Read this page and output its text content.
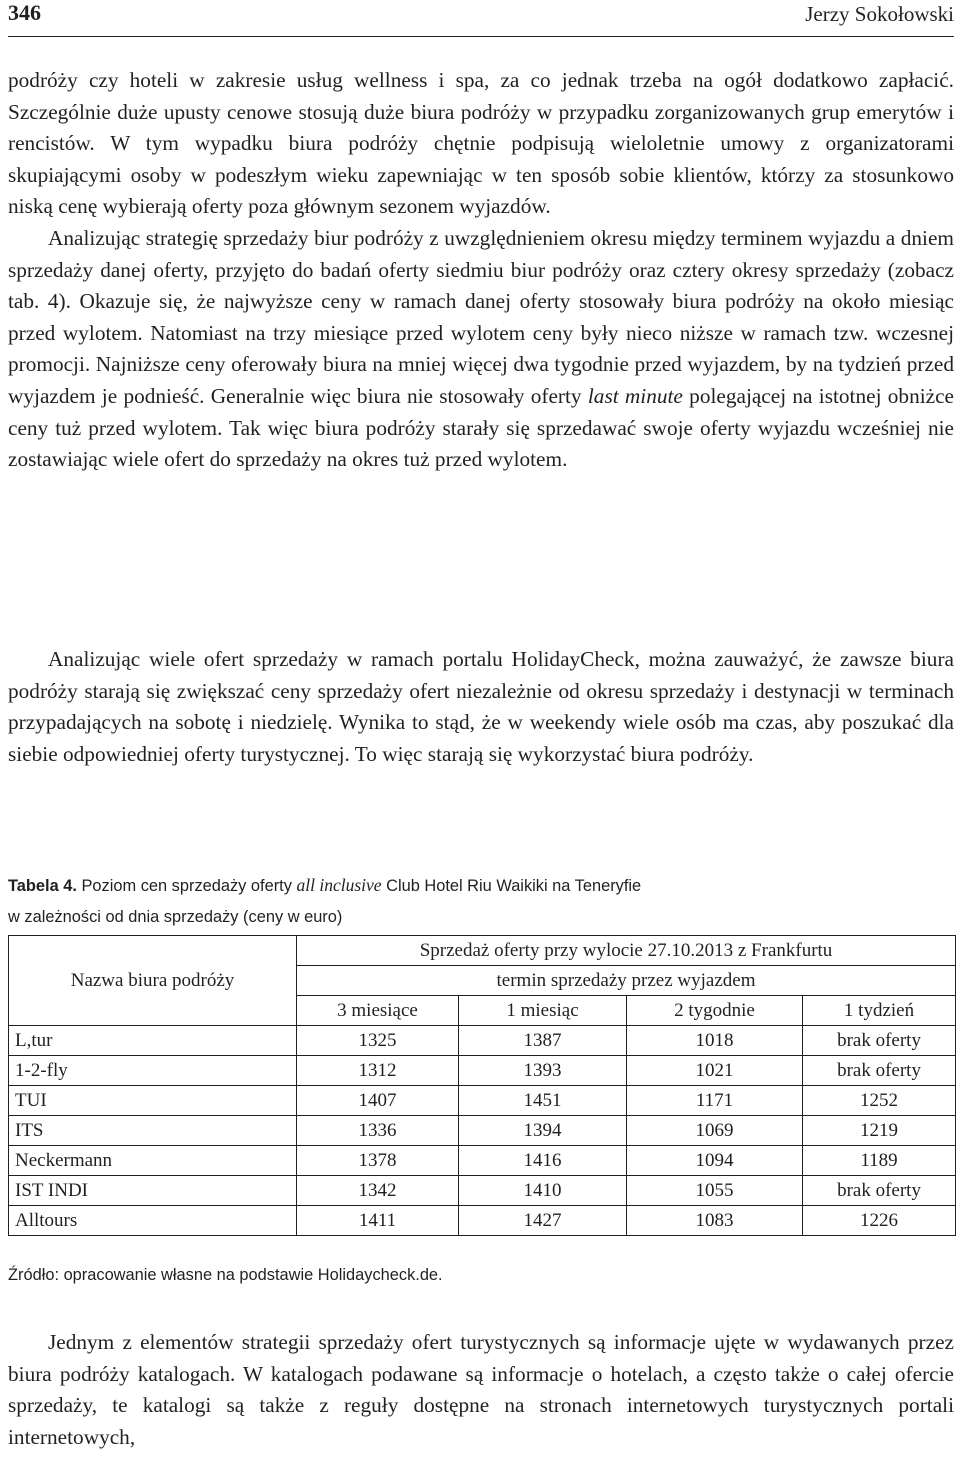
346	Jerzy Sokołowski

podróży czy hoteli w zakresie usług wellness i spa, za co jednak trzeba na ogół dodatkowo zapłacić. Szczególnie duże upusty cenowe stosują duże biura podróży w przypadku zorganizowanych grup emerytów i rencistów. W tym wypadku biura podróży chętnie podpisują wieloletnie umowy z organizatorami skupiającymi osoby w podeszłym wieku zapewniając w ten sposób sobie klientów, którzy za stosunkowo niską cenę wybierają oferty poza głównym sezonem wyjazdów.

Analizując strategię sprzedaży biur podróży z uwzględnieniem okresu między terminem wyjazdu a dniem sprzedaży danej oferty, przyjęto do badań oferty siedmiu biur podróży oraz cztery okresy sprzedaży (zobacz tab. 4). Okazuje się, że najwyższe ceny w ramach danej oferty stosowały biura podróży na około miesiąc przed wylotem. Natomiast na trzy miesiące przed wylotem ceny były nieco niższe w ramach tzw. wczesnej promocji. Najniższe ceny oferowały biura na mniej więcej dwa tygodnie przed wyjazdem, by na tydzień przed wyjazdem je podnieść. Generalnie więc biura nie stosowały oferty last minute polegającej na istotnej obniżce ceny tuż przed wylotem. Tak więc biura podróży starały się sprzedawać swoje oferty wyjazdu wcześniej nie zostawiając wiele ofert do sprzedaży na okres tuż przed wylotem.

Analizując wiele ofert sprzedaży w ramach portalu HolidayCheck, można zauważyć, że zawsze biura podróży starają się zwiększać ceny sprzedaży ofert niezależnie od okresu sprzedaży i destynacji w terminach przypadających na sobotę i niedzielę. Wynika to stąd, że w weekendy wiele osób ma czas, aby poszukać dla siebie odpowiedniej oferty turystycznej. To więc starają się wykorzystać biura podróży.

Tabela 4. Poziom cen sprzedaży oferty all inclusive Club Hotel Riu Waikiki na Teneryfie
w zależności od dnia sprzedaży (ceny w euro)
Nazwa biura podróży	Sprzedaż oferty przy wylocie 27.10.2013 z Frankfurtu			
	termin sprzedaży przez wyjazdem			
	3 miesiące	1 miesiąc	2 tygodnie	1 tydzień
L,tur	1325	1387	1018	brak oferty
1-2-fly	1312	1393	1021	brak oferty
TUI	1407	1451	1171	1252
ITS	1336	1394	1069	1219
Neckermann	1378	1416	1094	1189
IST INDI	1342	1410	1055	brak oferty
Alltours	1411	1427	1083	1226
Źródło: opracowanie własne na podstawie Holidaycheck.de.

Jednym z elementów strategii sprzedaży ofert turystycznych są informacje ujęte w wydawanych przez biura podróży katalogach. W katalogach podawane są informacje o hotelach, a często także o całej ofercie sprzedaży, te katalogi są także z reguły dostępne na stronach internetowych turystycznych portali internetowych,
